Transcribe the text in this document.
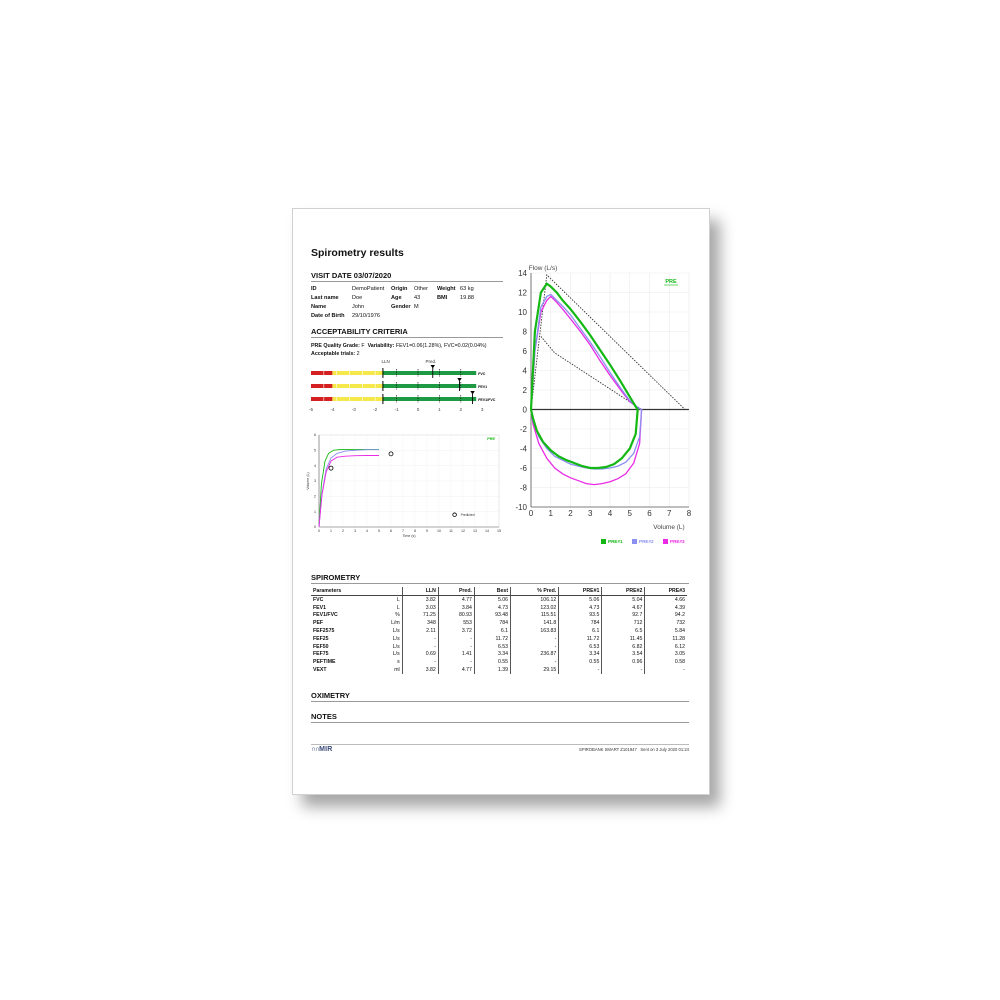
Spirometry results
VISIT DATE 03/07/2020
ID	DemoPatient	Origin	Other	Weight	63 kg
Last name	Doe	Age	43	BMI	19.88
Name	John	Gender	M		
Date of Birth	29/10/1976				
ACCEPTABILITY CRITERIA
PRE Quality Grade: F Variability: FEV1=0.06(1.28%), FVC=0.02(0.04%)
Acceptable trials: 2
LLN	Pred.
FVC
FEV1
FEV1/FVC
-5	-4	-3	-2	-1	0	1	2	3
0	1	2	3	4	5	6	7	8	9	10 11 12 13 14 15
0
1
2
3
4
5
6
Predicted
PRE
Volume (L)
Time (s)
0 1 2 3 4 5 6 7 8
14
12
10
8
6
4
2
0
-2
-4
-6
-8
-10
PRE
Flow (L/s)
Volume (L)
PRE#1	PRE#2	PRE#3
SPIROMETRY
Parameters		LLN	Pred.	Best	% Pred.	PRE#1	PRE#2	PRE#3
FVC	L	3.82	4.77	5.06	106.12	5.06	5.04	4.66
FEV1	L	3.03	3.84	4.73	123.02	4.73	4.67	4.39
FEV1/FVC	%	71.25	80.93	93.48	115.51	93.5	92.7	94.2
PEF	L/m	348	553	784	141.8	784	712	732
FEF2575	L/s	2.11	3.72	6.1	163.83	6.1	6.5	5.84
FEF25	L/s	-	-	11.72	-	11.72	11.45	11.28
FEF50	L/s	-	-	6.53	-	6.53	6.82	6.12
FEF75	L/s	0.69	1.41	3.34	236.87	3.34	3.54	3.05
PEFTIME	s	-	-	0.55	-	0.55	0.96	0.58
VEXT	ml	3.82	4.77	1.39	29.15	-	-	-
OXIMETRY
NOTES
∩∩MIR	SPIROBANK SMART Z101947 Sent on 3 July 2020 01:24
